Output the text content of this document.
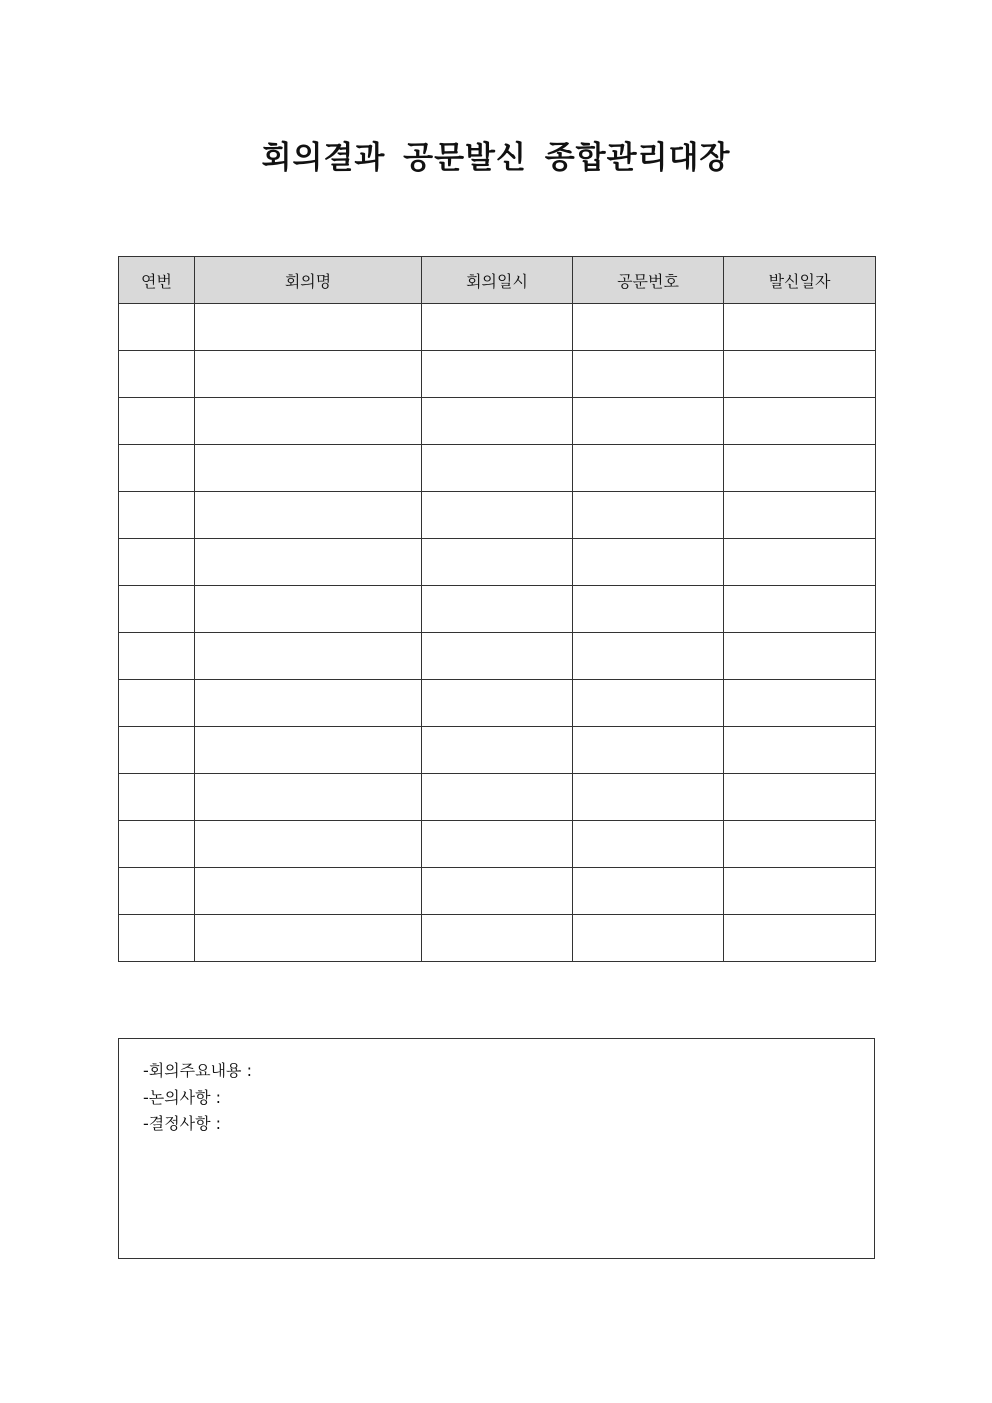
회의결과 공문발신 종합관리대장
연번	회의명	회의일시	공문번호	발신일자

-회의주요내용 :
-논의사항 :
-결정사항 :
